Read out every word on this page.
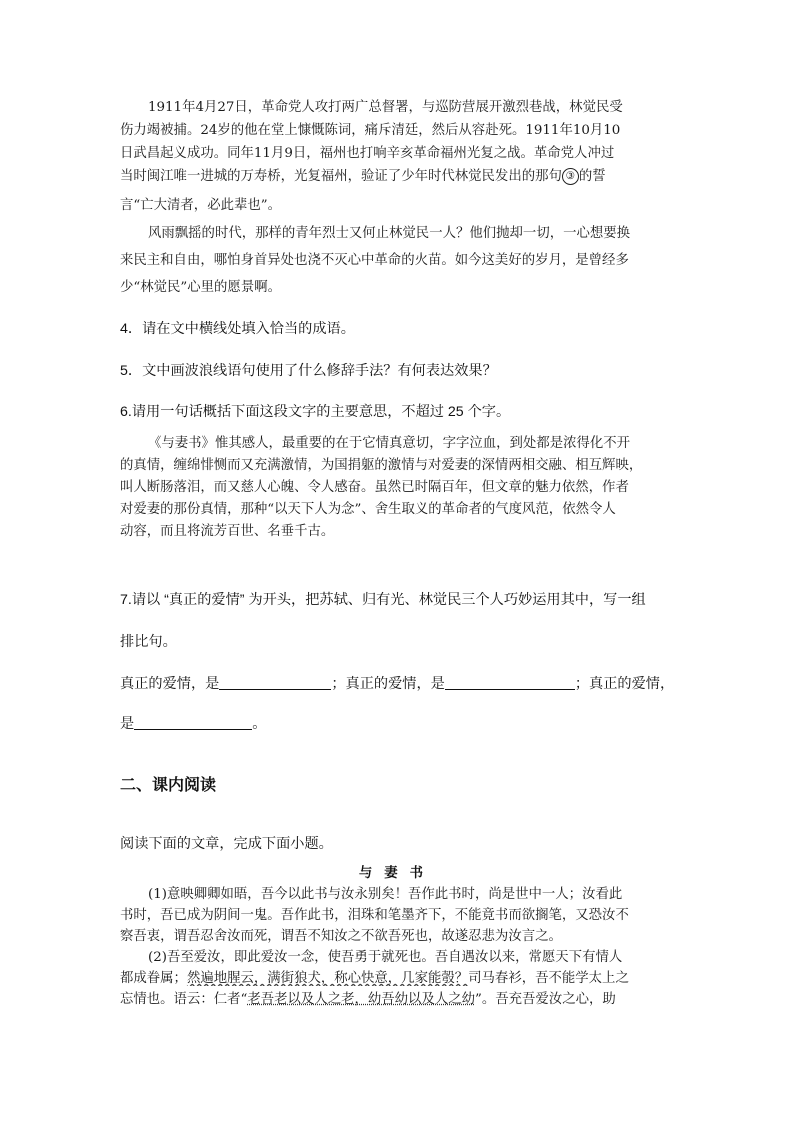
1911年4月27日，革命党人攻打两广总督署，与巡防营展开激烈巷战，林觉民受
伤力竭被捕。24岁的他在堂上慷慨陈词，痛斥清廷，然后从容赴死。1911年10月10
日武昌起义成功。同年11月9日，福州也打响辛亥革命福州光复之战。革命党人冲过
当时闽江唯一进城的万寿桥，光复福州，验证了少年时代林觉民发出的那句 ③ 的誓
言“亡大清者，必此辈也”。
风雨飘摇的时代，那样的青年烈士又何止林觉民一人？他们抛却一切，一心想要换
来民主和自由，哪怕身首异处也浇不灭心中革命的火苗。如今这美好的岁月，是曾经多
少“林觉民”心里的愿景啊。
4．请在文中横线处填入恰当的成语。
5．文中画波浪线语句使用了什么修辞手法？有何表达效果？
6.请用一句话概括下面这段文字的主要意思，不超过 25 个字。
《与妻书》惟其感人，最重要的在于它情真意切，字字泣血，到处都是浓得化不开
的真情，缠绵悱恻而又充满激情，为国捐躯的激情与对爱妻的深情两相交融、相互辉映，
叫人断肠落泪，而又慈人心魄、令人感奋。虽然已时隔百年，但文章的魅力依然，作者
对爱妻的那份真情，那种“以天下人为念”、舍生取义的革命者的气度风范，依然令人
动容，而且将流芳百世、名垂千古。
7.请以 “真正的爱情” 为开头，把苏轼、归有光、林觉民三个人巧妙运用其中，写一组
排比句。
真正的爱情，是	；真正的爱情，是	；真正的爱情，
是	。
二、课内阅读
阅读下面的文章，完成下面小题。
与妻书
(1)意映卿卿如晤，吾今以此书与汝永别矣！吾作此书时，尚是世中一人；汝看此
书时，吾已成为阴间一鬼。吾作此书，泪珠和笔墨齐下，不能竟书而欲搁笔，又恐汝不
察吾衷，谓吾忍舍汝而死，谓吾不知汝之不欲吾死也，故遂忍悲为汝言之。
(2)吾至爱汝，即此爱汝一念，使吾勇于就死也。吾自遇汝以来，常愿天下有情人
都成眷属；然遍地腥云，满街狼犬，称心快意，几家能彀？司马春衫，吾不能学太上之
忘情也。语云：仁者“老吾老以及人之老，幼吾幼以及人之幼”。吾充吾爱汝之心，助
